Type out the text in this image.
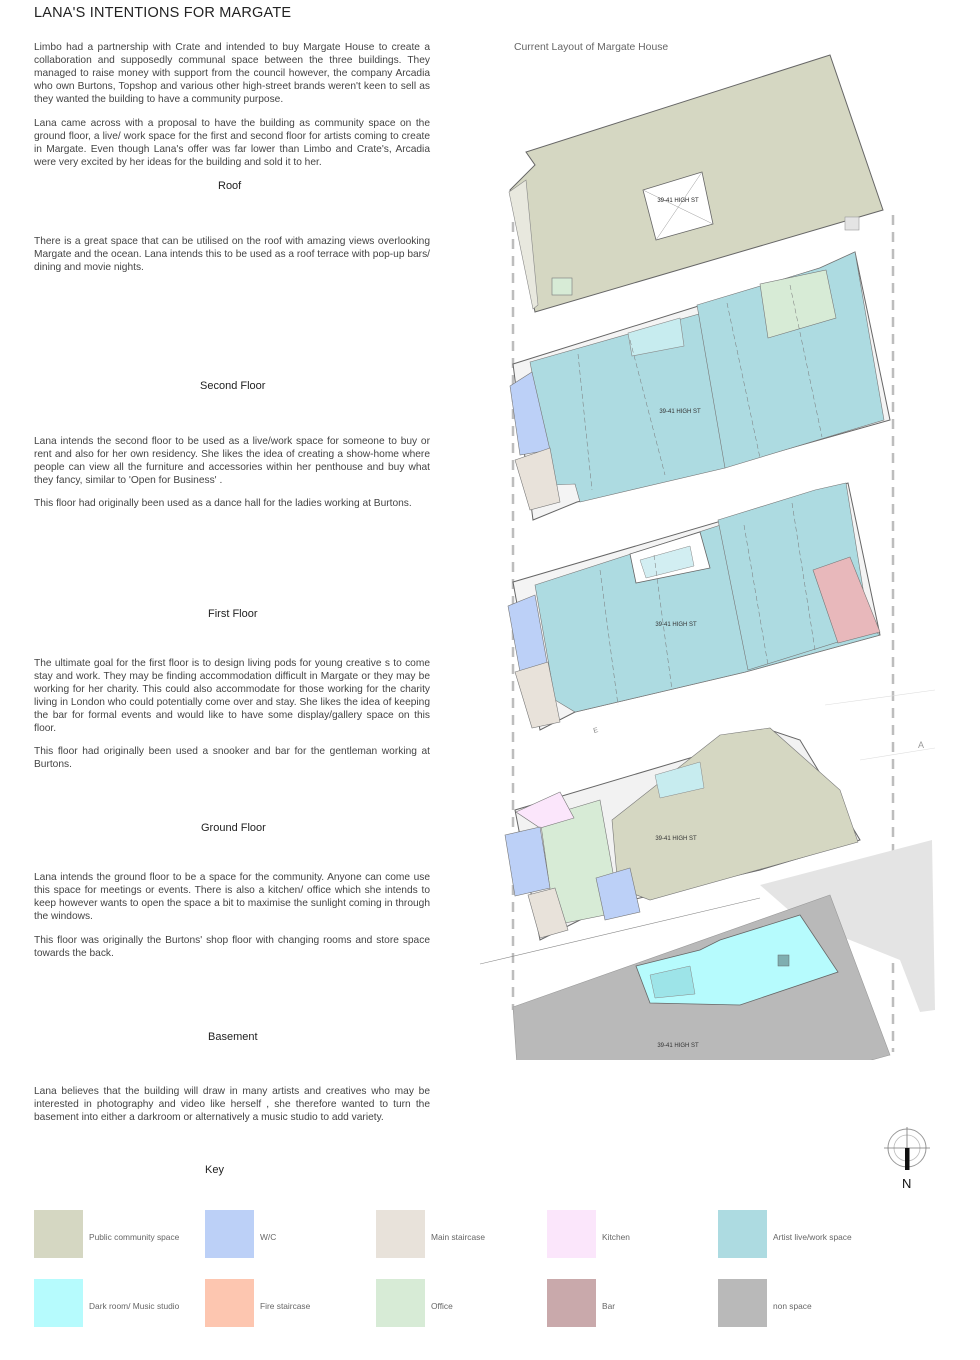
LANA'S INTENTIONS FOR MARGATE

Limbo had a partnership with Crate and intended to buy Margate House to create a collaboration and supposedly communal space between the three buildings. They managed to raise money with support from the council however, the company Arcadia who own Burtons, Topshop and various other high-street brands weren't keen to sell as they wanted the building to have a community purpose.

Lana came across with a proposal to have the building as community space on the ground floor, a live/ work space for the first and second floor for artists coming to create in Margate. Even though Lana's offer was far lower than Limbo and Crate's, Arcadia were very excited by her ideas for the building and sold it to her.

Roof

There is a great space that can be utilised on the roof with amazing views overlooking Margate and the ocean. Lana intends this to be used as a roof terrace with pop-up bars/ dining and movie nights.

Second Floor

Lana intends the second floor to be used as a live/work space for someone to buy or rent and also for her own residency. She likes the idea of creating a show-home where people can view all the furniture and accessories within her penthouse and buy what they fancy, similar to 'Open for Business' .

This floor had originally been used as a dance hall for the ladies working at Burtons.

First Floor

The ultimate goal for the first floor is to design living pods for young creative s to come stay and work. They may be finding accommodation difficult in Margate or they may be working for her charity. This could also accommodate for those working for the charity living in London who could potentially come over and stay. She likes the idea of keeping the bar for formal events and would like to have some display/gallery space on this floor.

This floor had originally been used a snooker and bar for the gentleman working at Burtons.

Ground Floor

Lana intends the ground floor to be a space for the community. Anyone can come use this space for meetings or events. There is also a kitchen/ office which she intends to keep however wants to open the space a bit to maximise the sunlight coming in through the windows.

This floor was originally the Burtons' shop floor with changing rooms and store space towards the back.

Basement

Lana believes that the building will draw in many artists and creatives who may be interested in photography and video like herself , she therefore wanted to turn the basement into either a darkroom or alternatively a music studio to add variety.

Current Layout of Margate House
39-41 HIGH ST
39-41 HIGH ST
39-41 HIGH ST
E
A
39-41 HIGH ST
39-41 HIGH ST
N
Key
Public community space	W/C	Main staircase	Kitchen	Artist live/work space
Dark room/ Music studio	Fire staircase	Office	Bar	non space
